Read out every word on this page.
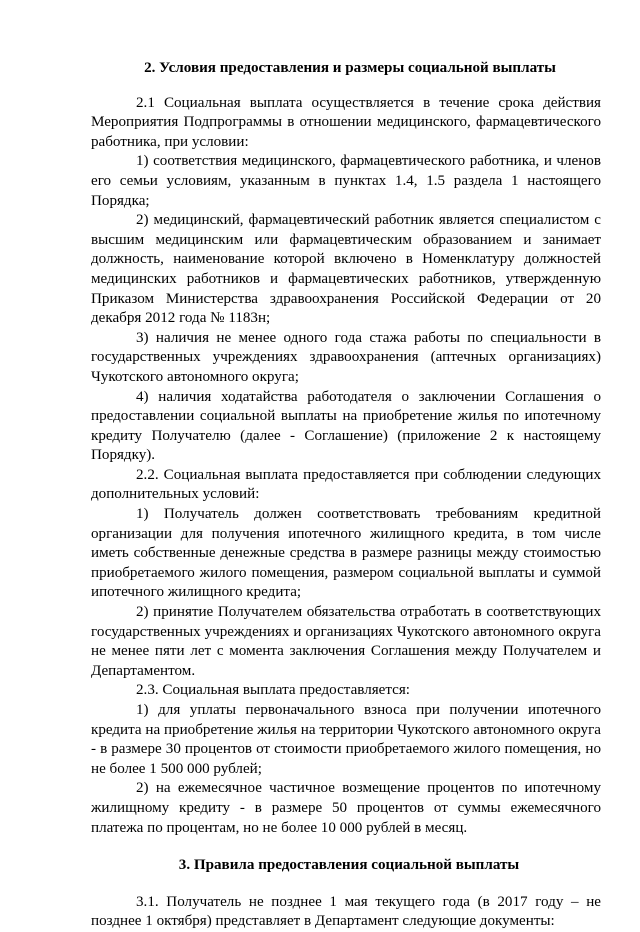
2. Условия предоставления и размеры социальной выплаты

2.1 Социальная выплата осуществляется в течение срока действия Мероприятия Подпрограммы в отношении медицинского, фармацевтического работника, при условии:

1) соответствия медицинского, фармацевтического работника, и членов его семьи условиям, указанным в пунктах 1.4, 1.5 раздела 1 настоящего Порядка;

2) медицинский, фармацевтический работник является специалистом с высшим медицинским или фармацевтическим образованием и занимает должность, наименование которой включено в Номенклатуру должностей медицинских работников и фармацевтических работников, утвержденную Приказом Министерства здравоохранения Российской Федерации от 20 декабря 2012 года № 1183н;

3) наличия не менее одного года стажа работы по специальности в государственных учреждениях здравоохранения (аптечных организациях) Чукотского автономного округа;

4) наличия ходатайства работодателя о заключении Соглашения о предоставлении социальной выплаты на приобретение жилья по ипотечному кредиту Получателю (далее - Соглашение) (приложение 2 к настоящему Порядку).

2.2. Социальная выплата предоставляется при соблюдении следующих дополнительных условий:

1) Получатель должен соответствовать требованиям кредитной организации для получения ипотечного жилищного кредита, в том числе иметь собственные денежные средства в размере разницы между стоимостью приобретаемого жилого помещения, размером социальной выплаты и суммой ипотечного жилищного кредита;

2) принятие Получателем обязательства отработать в соответствующих государственных учреждениях и организациях Чукотского автономного округа не менее пяти лет с момента заключения Соглашения между Получателем и Департаментом.

2.3. Социальная выплата предоставляется:

1) для уплаты первоначального взноса при получении ипотечного кредита на приобретение жилья на территории Чукотского автономного округа - в размере 30 процентов от стоимости приобретаемого жилого помещения, но не более 1 500 000 рублей;

2) на ежемесячное частичное возмещение процентов по ипотечному жилищному кредиту - в размере 50 процентов от суммы ежемесячного платежа по процентам, но не более 10 000 рублей в месяц.

3. Правила предоставления социальной выплаты

3.1. Получатель не позднее 1 мая текущего года (в 2017 году – не позднее 1 октября) представляет в Департамент следующие документы:
